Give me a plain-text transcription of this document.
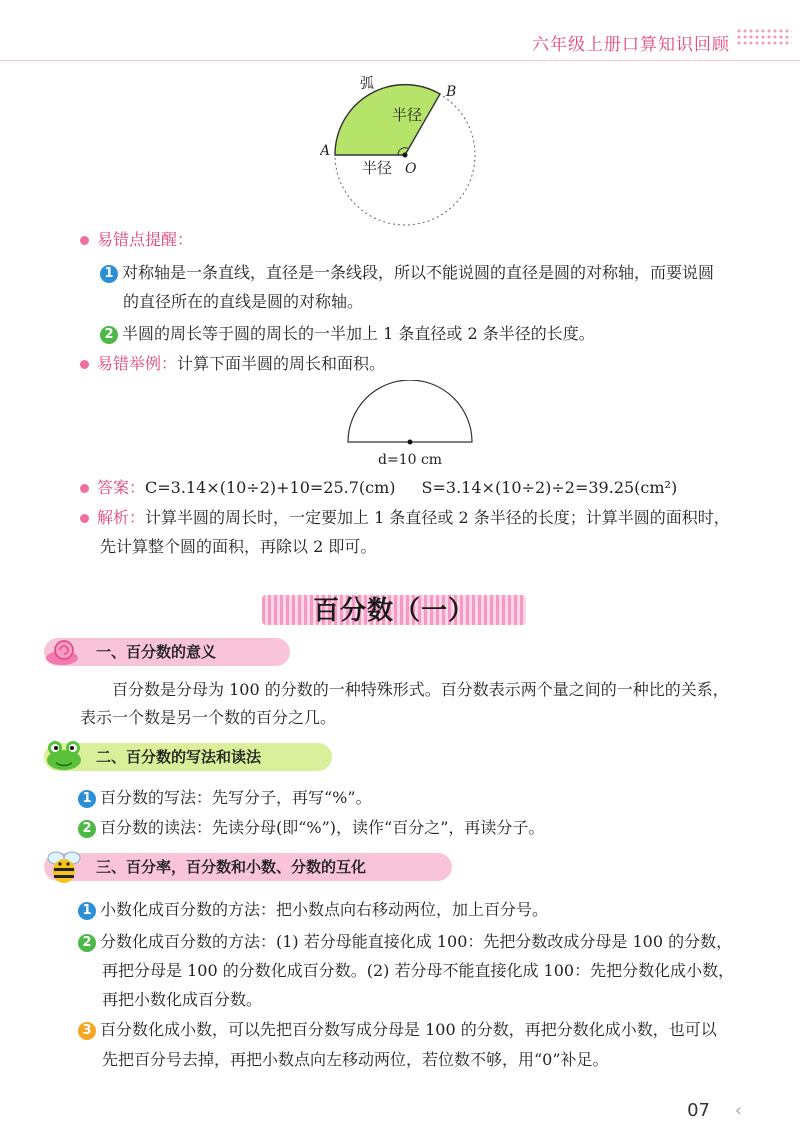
六年级上册口算知识回顾
弧
半径
半径
A
B
O
易错点提醒：
1 对称轴是一条直线，直径是一条线段，所以不能说圆的直径是圆的对称轴，而要说圆
的直径所在的直线是圆的对称轴。
2 半圆的周长等于圆的周长的一半加上 1 条直径或 2 条半径的长度。
易错举例：计算下面半圆的周长和面积。
d=10 cm
答案：C=3.14×(10÷2)+10=25.7(cm) S=3.14×(10÷2)÷2=39.25(cm²)
解析：计算半圆的周长时，一定要加上 1 条直径或 2 条半径的长度；计算半圆的面积时，
先计算整个圆的面积，再除以 2 即可。
百分数（一）
一、百分数的意义
百分数是分母为 100 的分数的一种特殊形式。百分数表示两个量之间的一种比的关系，
表示一个数是另一个数的百分之几。
二、百分数的写法和读法
1 百分数的写法：先写分子，再写“%”。
2 百分数的读法：先读分母(即“%”)，读作“百分之”，再读分子。
三、百分率，百分数和小数、分数的互化
1 小数化成百分数的方法：把小数点向右移动两位，加上百分号。
2 分数化成百分数的方法：(1) 若分母能直接化成 100：先把分数改成分母是 100 的分数，
再把分母是 100 的分数化成百分数。(2) 若分母不能直接化成 100：先把分数化成小数，
再把小数化成百分数。
3 百分数化成小数，可以先把百分数写成分母是 100 的分数，再把分数化成小数，也可以
先把百分号去掉，再把小数点向左移动两位，若位数不够，用“0”补足。
07 ‹
